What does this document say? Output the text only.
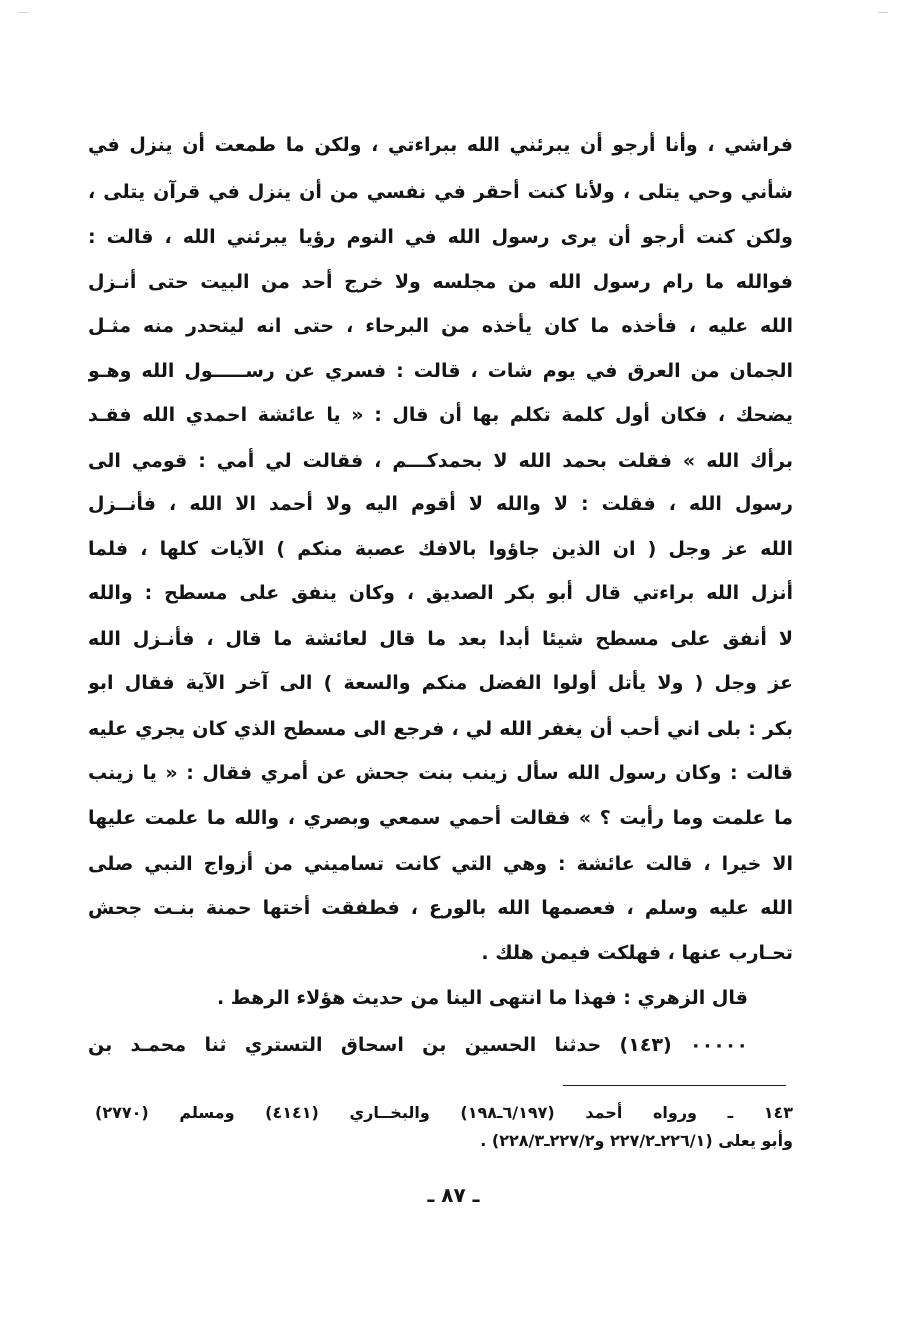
فراشي ، وأنا أرجو أن يبرئني الله ببراءتي ، ولكن ما طمعت أن ينزل في
شأني وحي يتلى ، ولأنا كنت أحقر في نفسي من أن ينزل في قرآن يتلى ،
ولكن كنت أرجو أن يرى رسول الله في النوم رؤيا يبرئني الله ، قالت :
فوالله ما رام رسول الله من مجلسه ولا خرج أحد من البيت حتى أنـزل
الله عليه ، فأخذه ما كان يأخذه من البرحاء ، حتى انه ليتحدر منه مثـل
الجمان من العرق في يوم شات ، قالت : فسري عن رســـــول الله وهـو
يضحك ، فكان أول كلمة تكلم بها أن قال : « يا عائشة احمدي الله فقـد
برأك الله » فقلت بحمد الله لا بحمدكـــم ، فقالت لي أمي : قومي الى
رسول الله ، فقلت : لا والله لا أقوم اليه ولا أحمد الا الله ، فأنــزل
الله عز وجل ( ان الذين جاؤوا بالافك عصبة منكم ) الآيات كلها ، فلما
أنزل الله براءتي قال أبو بكر الصديق ، وكان ينفق على مسطح : والله
لا أنفق على مسطح شيئا أبدا بعد ما قال لعائشة ما قال ، فأنـزل الله
عز وجل ( ولا يأتل أولوا الفضل منكم والسعة ) الى آخر الآية فقال ابو
بكر : بلى اني أحب أن يغفر الله لي ، فرجع الى مسطح الذي كان يجري عليه
قالت : وكان رسول الله سأل زينب بنت جحش عن أمري فقال : « يا زينب
ما علمت وما رأيت ؟ » فقالت أحمي سمعي وبصري ، والله ما علمت عليها
الا خيرا ، قالت عائشة : وهي التي كانت تساميني من أزواج النبي صلى
الله عليه وسلم ، فعصمها الله بالورع ، فطفقت أختها حمنة بنـت جحش
تحـارب عنها ، فهلكت فيمن هلك .
قال الزهري : فهذا ما انتهى الينا من حديث هؤلاء الرهط .
٠٠٠٠٠ (١٤٣) حدثنا الحسين بن اسحاق التستري ثنا محمـد بن
١٤٣ ـ ورواه أحمد (٦/١٩٧ـ١٩٨) والبخــاري (٤١٤١) ومسلم (٢٧٧٠)
وأبو يعلى (٢٢٦/١ـ٢٢٧/٢ و٢٢٧/٢ـ٢٢٨/٣) .
ـ ٨٧ ـ
